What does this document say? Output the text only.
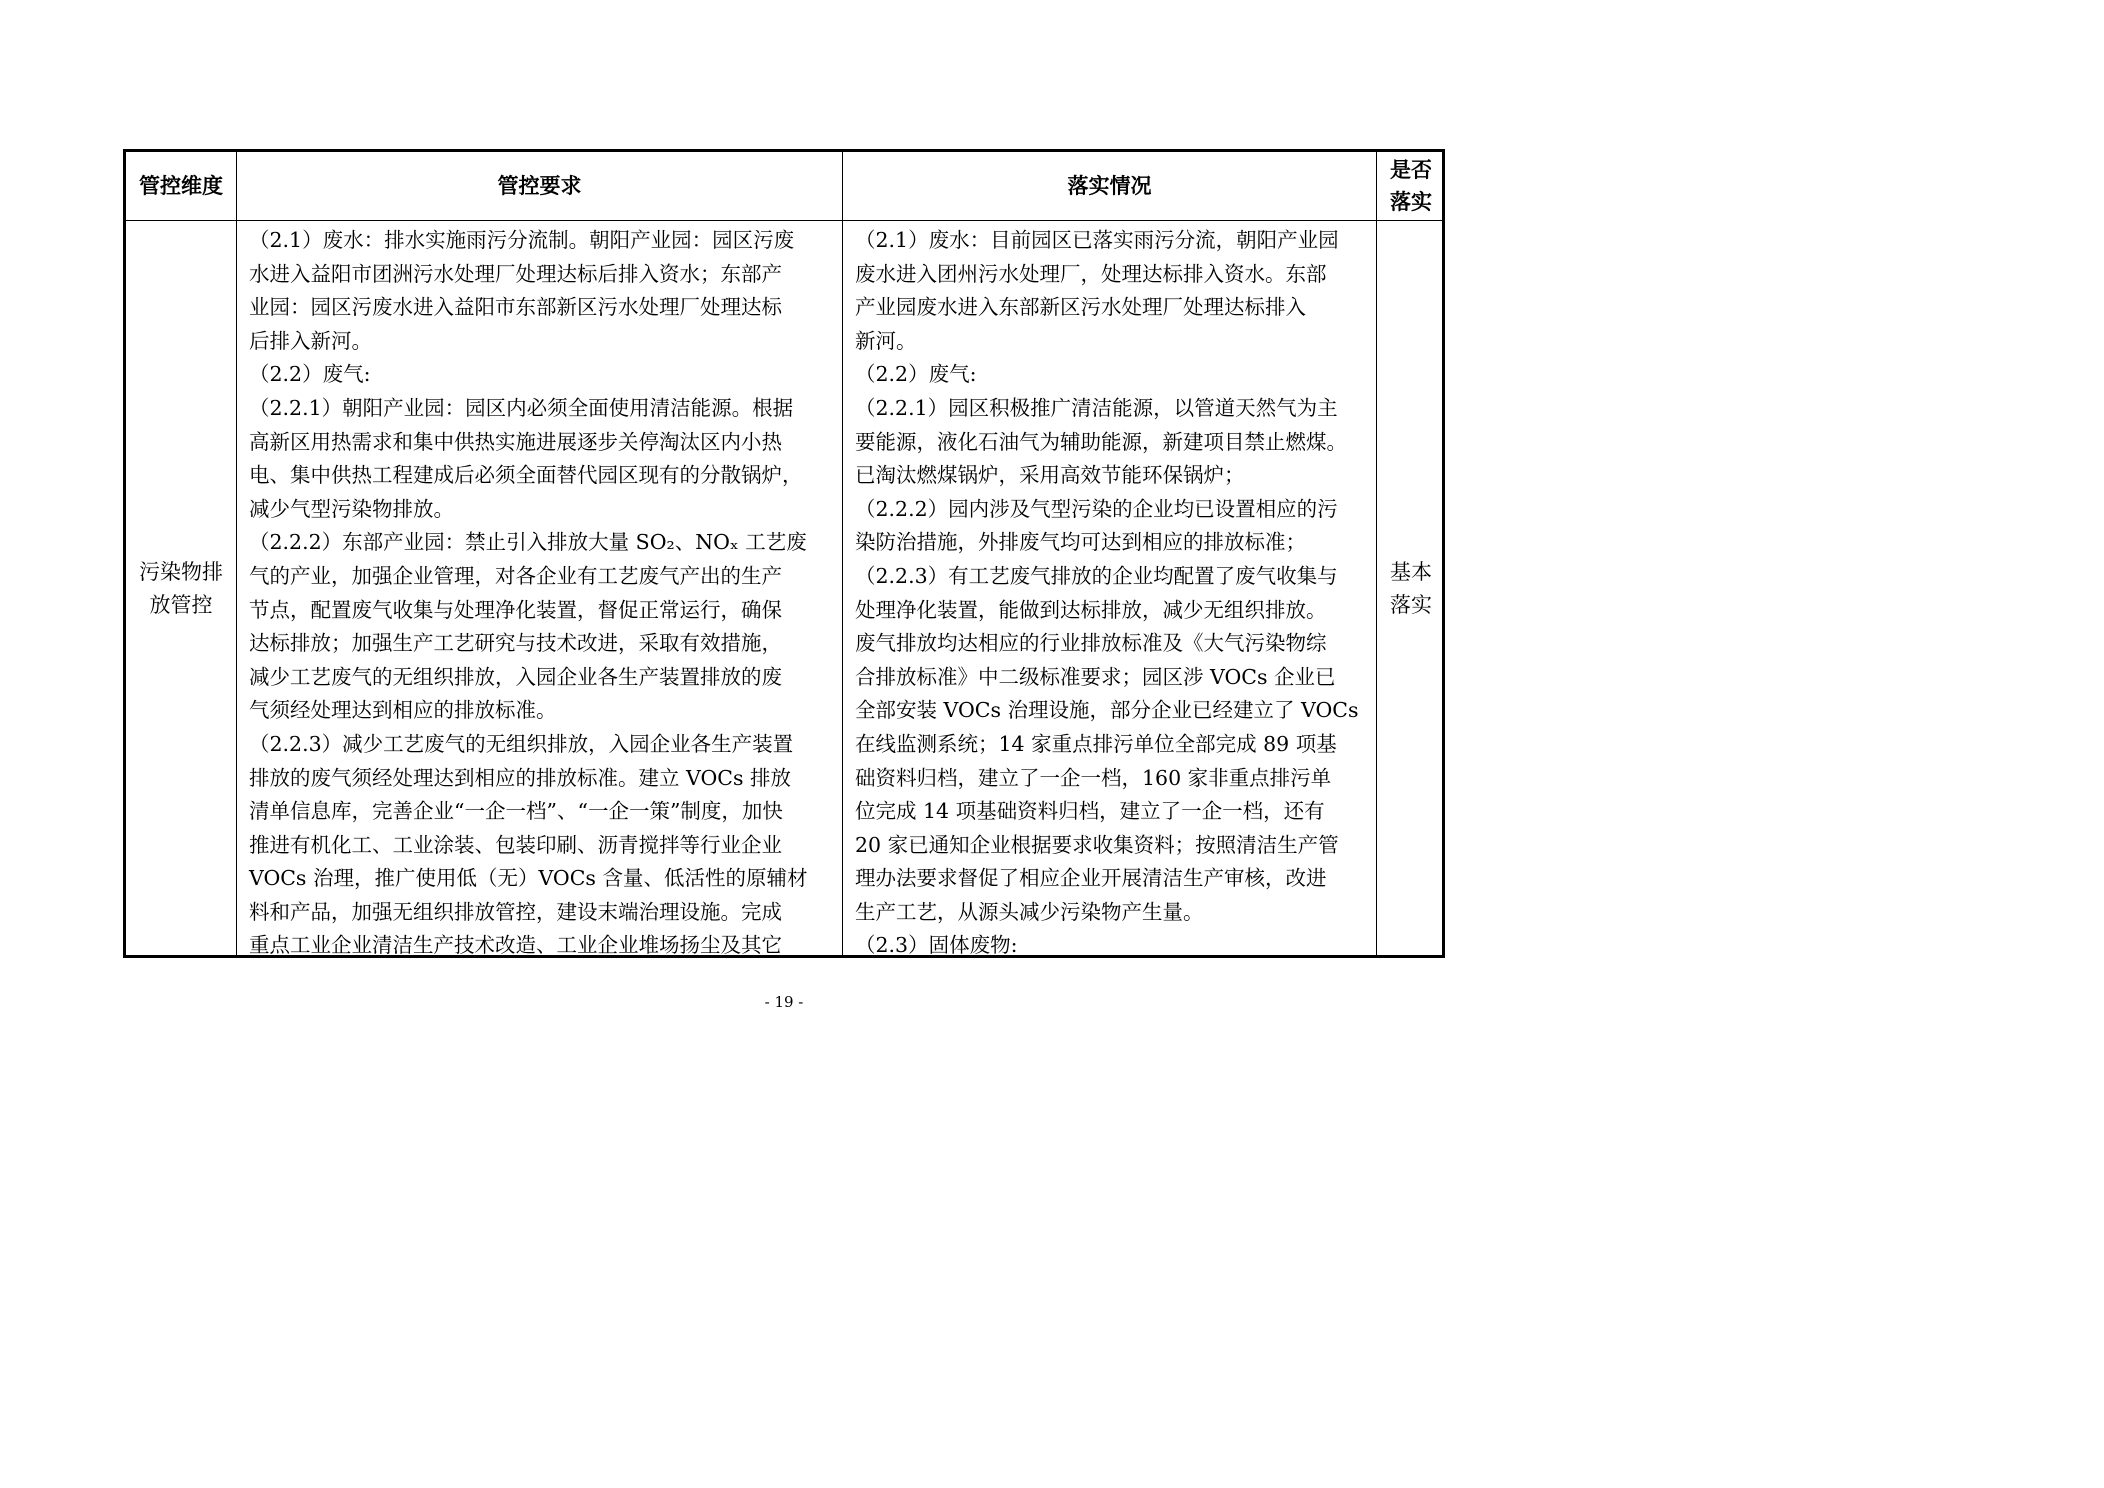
管控维度	管控要求	落实情况
是否
落实
污染物排
放管控
（2.1）废水：排水实施雨污分流制。朝阳产业园：园区污废
水进入益阳市团洲污水处理厂处理达标后排入资水；东部产
业园：园区污废水进入益阳市东部新区污水处理厂处理达标
后排入新河。
（2.2）废气:
（2.2.1）朝阳产业园：园区内必须全面使用清洁能源。根据
高新区用热需求和集中供热实施进展逐步关停淘汰区内小热
电、集中供热工程建成后必须全面替代园区现有的分散锅炉，
减少气型污染物排放。
（2.2.2）东部产业园：禁止引入排放大量 SO₂、NOₓ 工艺废
气的产业，加强企业管理，对各企业有工艺废气产出的生产
节点，配置废气收集与处理净化装置，督促正常运行，确保
达标排放；加强生产工艺研究与技术改进，采取有效措施，
减少工艺废气的无组织排放，入园企业各生产装置排放的废
气须经处理达到相应的排放标准。
（2.2.3）减少工艺废气的无组织排放，入园企业各生产装置
排放的废气须经处理达到相应的排放标准。建立 VOCs 排放
清单信息库，完善企业“一企一档”、“一企一策”制度，加快
推进有机化工、工业涂装、包装印刷、沥青搅拌等行业企业
VOCs 治理，推广使用低（无）VOCs 含量、低活性的原辅材
料和产品，加强无组织排放管控，建设末端治理设施。完成
重点工业企业清洁生产技术改造、工业企业堆场扬尘及其它
（2.1）废水：目前园区已落实雨污分流，朝阳产业园
废水进入团州污水处理厂，处理达标排入资水。东部
产业园废水进入东部新区污水处理厂处理达标排入
新河。
（2.2）废气:
（2.2.1）园区积极推广清洁能源，以管道天然气为主
要能源，液化石油气为辅助能源，新建项目禁止燃煤。
已淘汰燃煤锅炉，采用高效节能环保锅炉；
（2.2.2）园内涉及气型污染的企业均已设置相应的污
染防治措施，外排废气均可达到相应的排放标准；
（2.2.3）有工艺废气排放的企业均配置了废气收集与
处理净化装置，能做到达标排放，减少无组织排放。
废气排放均达相应的行业排放标准及《大气污染物综
合排放标准》中二级标准要求；园区涉 VOCs 企业已
全部安装 VOCs 治理设施，部分企业已经建立了 VOCs
在线监测系统；14 家重点排污单位全部完成 89 项基
础资料归档，建立了一企一档，160 家非重点排污单
位完成 14 项基础资料归档，建立了一企一档，还有
20 家已通知企业根据要求收集资料；按照清洁生产管
理办法要求督促了相应企业开展清洁生产审核，改进
生产工艺，从源头减少污染物产生量。
（2.3）固体废物:
基本
落实
- 19 -
